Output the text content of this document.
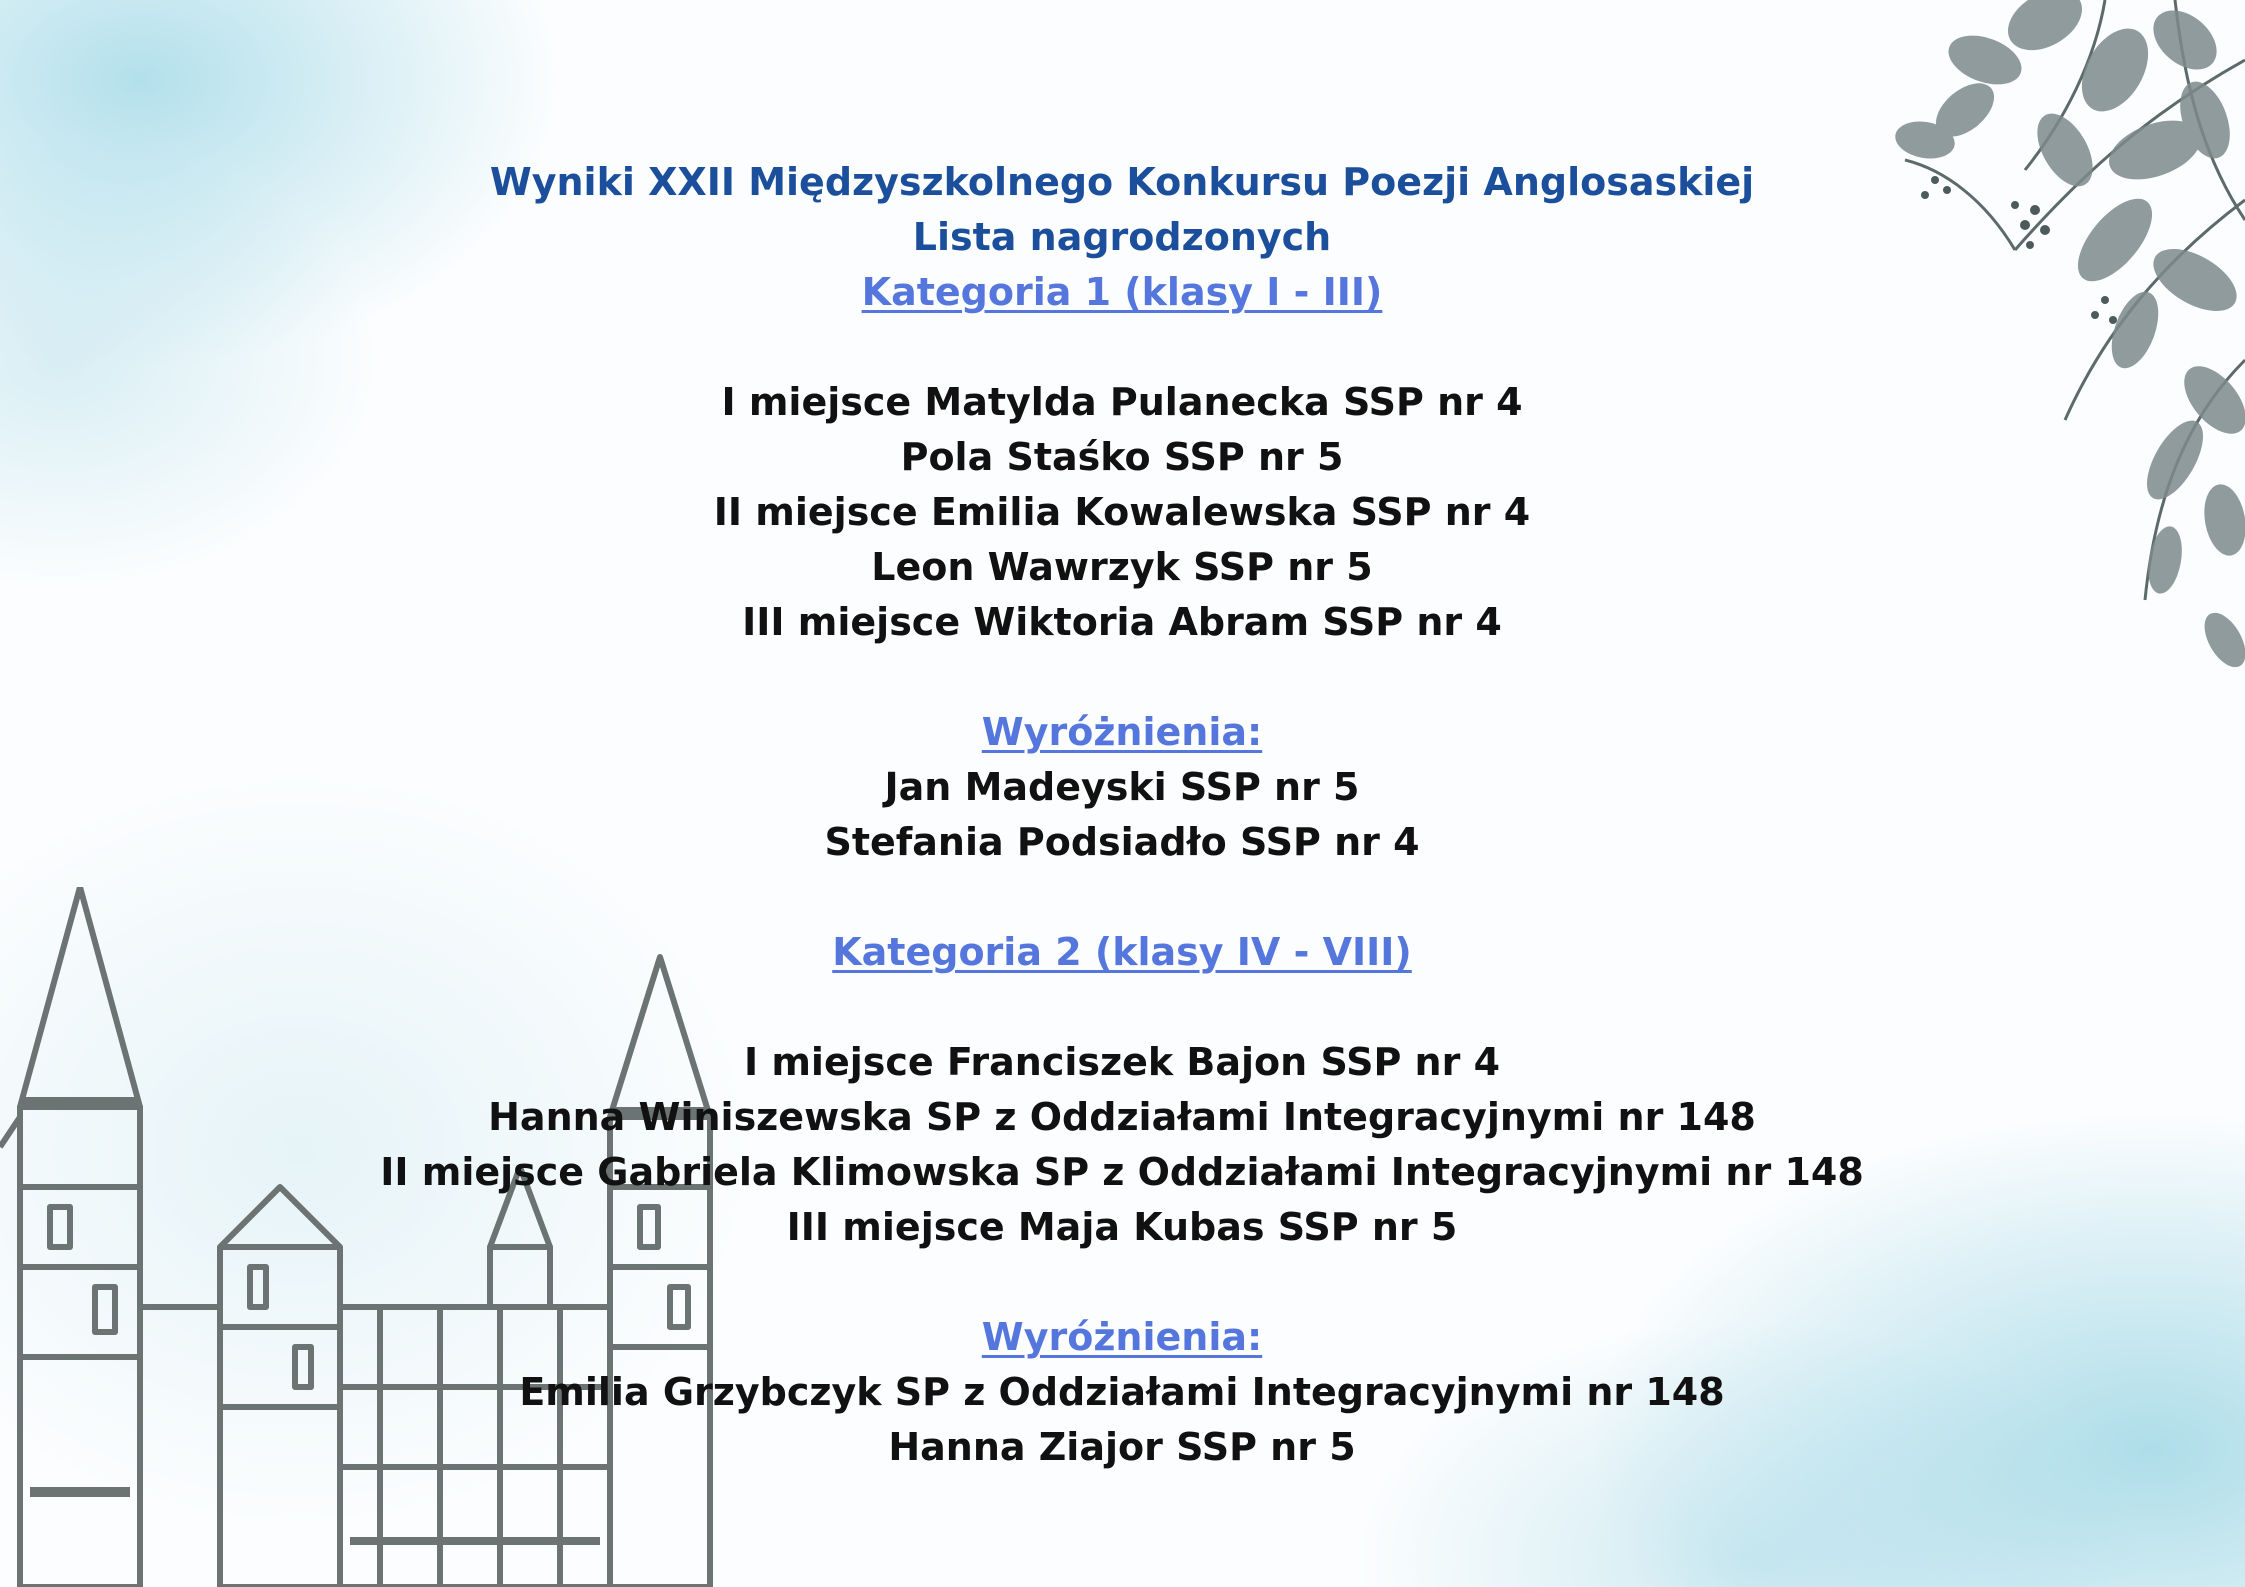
Wyniki XXII Międzyszkolnego Konkursu Poezji Anglosaskiej
Lista nagrodzonych
Kategoria 1 (klasy I - III)
I miejsce Matylda Pulanecka SSP nr 4
Pola Staśko SSP nr 5
II miejsce Emilia Kowalewska SSP nr 4
Leon Wawrzyk SSP nr 5
III miejsce Wiktoria Abram SSP nr 4
Wyróżnienia:
Jan Madeyski SSP nr 5
Stefania Podsiadło SSP nr 4
Kategoria 2 (klasy IV - VIII)
I miejsce Franciszek Bajon SSP nr 4
Hanna Winiszewska SP z Oddziałami Integracyjnymi nr 148
II miejsce Gabriela Klimowska SP z Oddziałami Integracyjnymi nr 148
III miejsce Maja Kubas SSP nr 5
Wyróżnienia:
Emilia Grzybczyk SP z Oddziałami Integracyjnymi nr 148
Hanna Ziajor SSP nr 5
